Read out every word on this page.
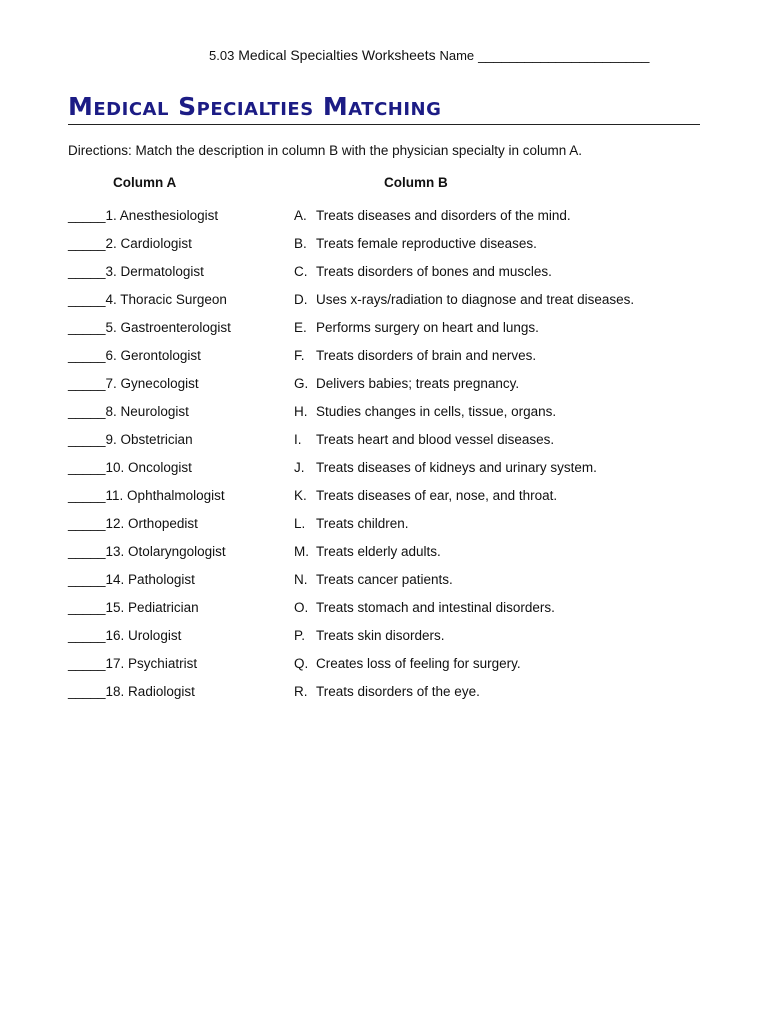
5.03 Medical Specialties Worksheets Name ______________________
Medical Specialties Matching
Directions: Match the description in column B with the physician specialty in column A.
Column A	Column B
_____1. Anesthesiologist	A. Treats diseases and disorders of the mind.
_____2. Cardiologist	B. Treats female reproductive diseases.
_____3. Dermatologist	C. Treats disorders of bones and muscles.
_____4. Thoracic Surgeon	D. Uses x-rays/radiation to diagnose and treat diseases.
_____5. Gastroenterologist	E. Performs surgery on heart and lungs.
_____6. Gerontologist	F. Treats disorders of brain and nerves.
_____7. Gynecologist	G. Delivers babies; treats pregnancy.
_____8. Neurologist	H. Studies changes in cells, tissue, organs.
_____9. Obstetrician	I. Treats heart and blood vessel diseases.
_____10. Oncologist	J. Treats diseases of kidneys and urinary system.
_____11. Ophthalmologist	K. Treats diseases of ear, nose, and throat.
_____12. Orthopedist	L. Treats children.
_____13. Otolaryngologist	M. Treats elderly adults.
_____14. Pathologist	N. Treats cancer patients.
_____15. Pediatrician	O. Treats stomach and intestinal disorders.
_____16. Urologist	P. Treats skin disorders.
_____17. Psychiatrist	Q. Creates loss of feeling for surgery.
_____18. Radiologist	R. Treats disorders of the eye.
